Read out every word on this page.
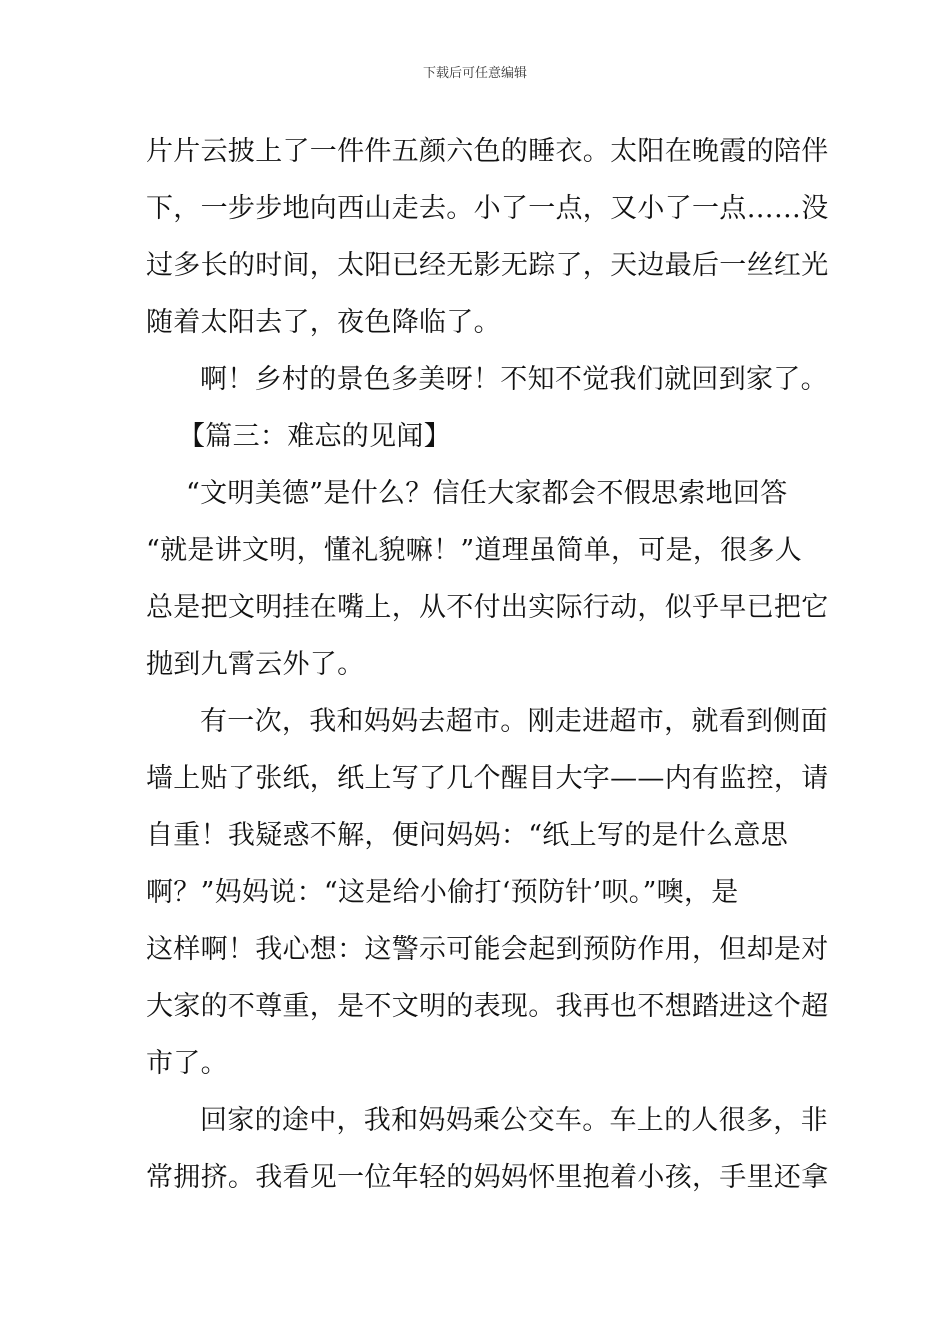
下载后可任意编辑
片片云披上了一件件五颜六色的睡衣。太阳在晚霞的陪伴
下，一步步地向西山走去。小了一点，又小了一点……没
过多长的时间，太阳已经无影无踪了，天边最后一丝红光
随着太阳去了，夜色降临了。
啊！乡村的景色多美呀！不知不觉我们就回到家了。
【篇三：难忘的见闻】
“文明美德”是什么？信任大家都会不假思索地回答
“就是讲文明，懂礼貌嘛！”道理虽简单，可是，很多人
总是把文明挂在嘴上，从不付出实际行动，似乎早已把它
抛到九霄云外了。
有一次，我和妈妈去超市。刚走进超市，就看到侧面
墙上贴了张纸，纸上写了几个醒目大字——内有监控，请
自重！我疑惑不解，便问妈妈：“纸上写的是什么意思
啊？”妈妈说：“这是给小偷打‘预防针’呗。”噢，是
这样啊！我心想：这警示可能会起到预防作用，但却是对
大家的不尊重，是不文明的表现。我再也不想踏进这个超
市了。
回家的途中，我和妈妈乘公交车。车上的人很多，非
常拥挤。我看见一位年轻的妈妈怀里抱着小孩，手里还拿
